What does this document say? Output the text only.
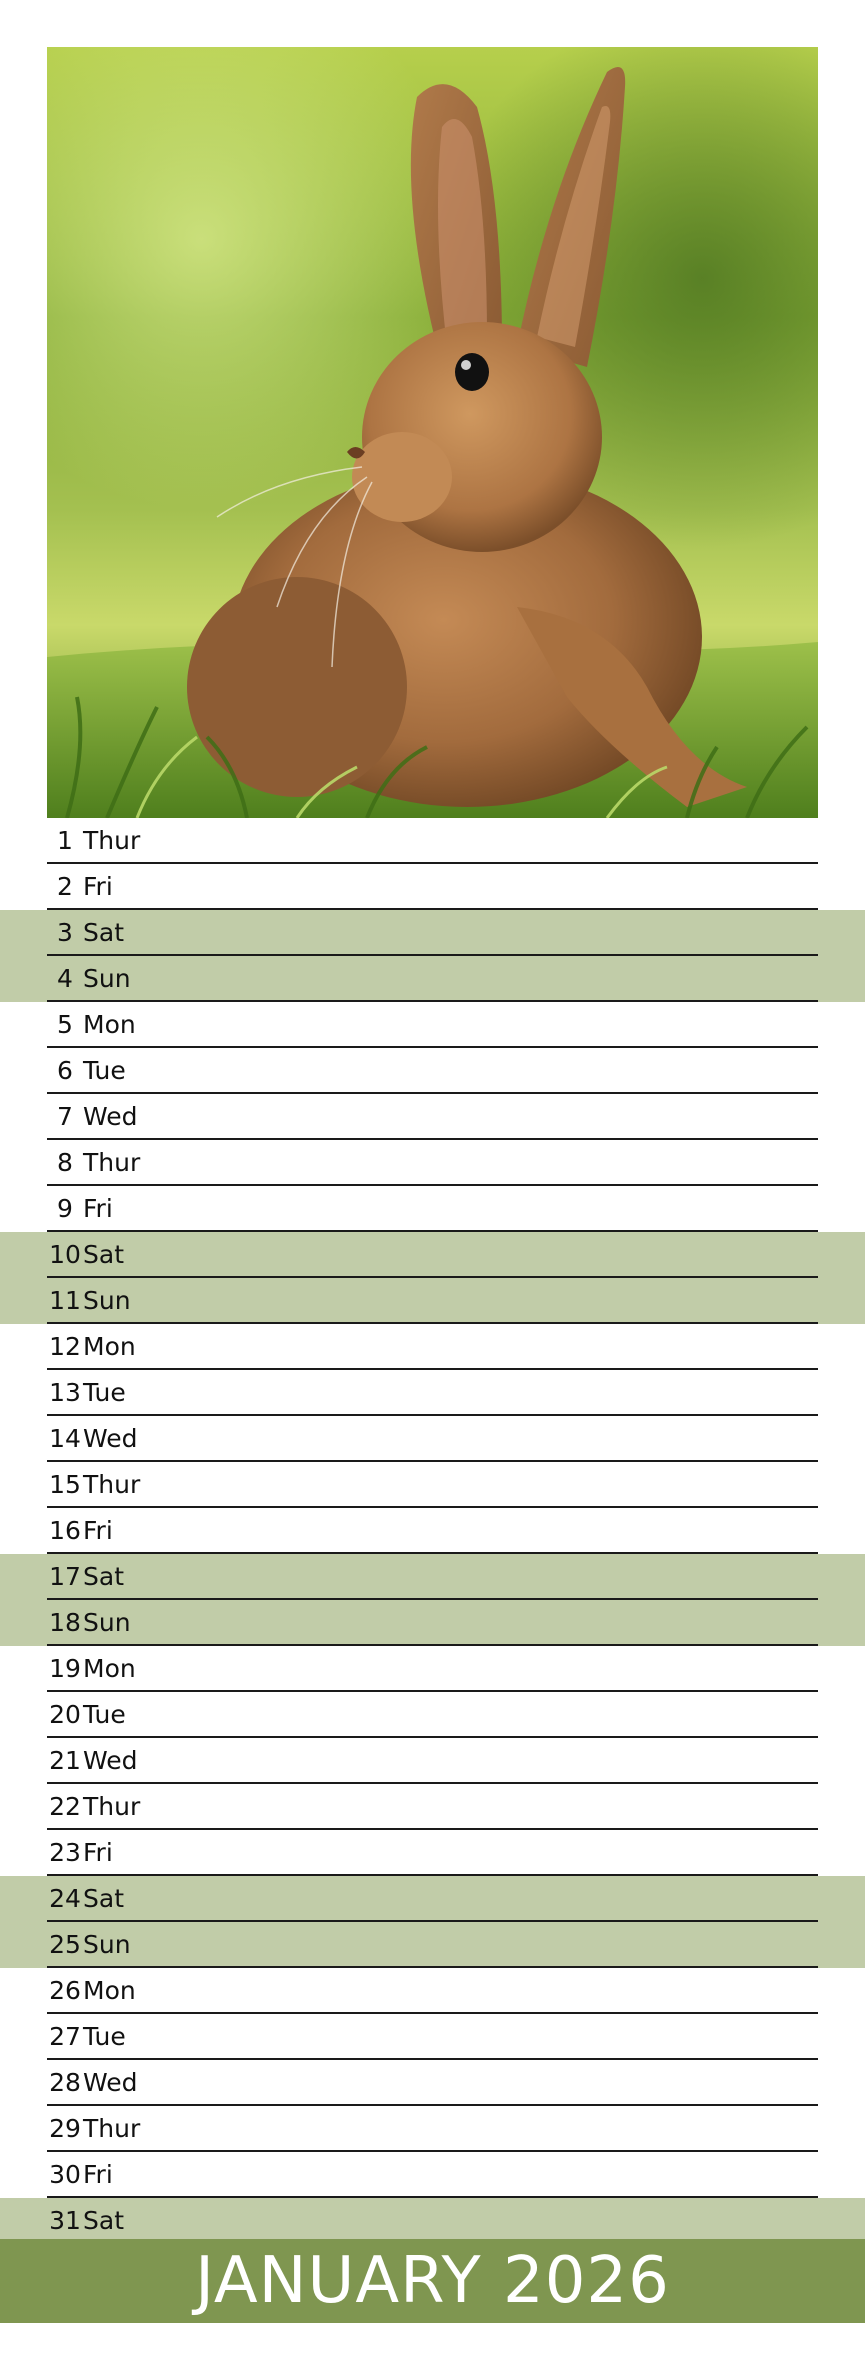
1 Thur
2 Fri
3 Sat
4 Sun
5 Mon
6 Tue
7 Wed
8 Thur
9 Fri
10Sat
11Sun
12Mon
13Tue
14Wed
15Thur
16Fri
17Sat
18Sun
19Mon
20Tue
21Wed
22Thur
23Fri
24Sat
25Sun
26Mon
27Tue
28Wed
29Thur
30Fri
31Sat
JANUARY 2026
